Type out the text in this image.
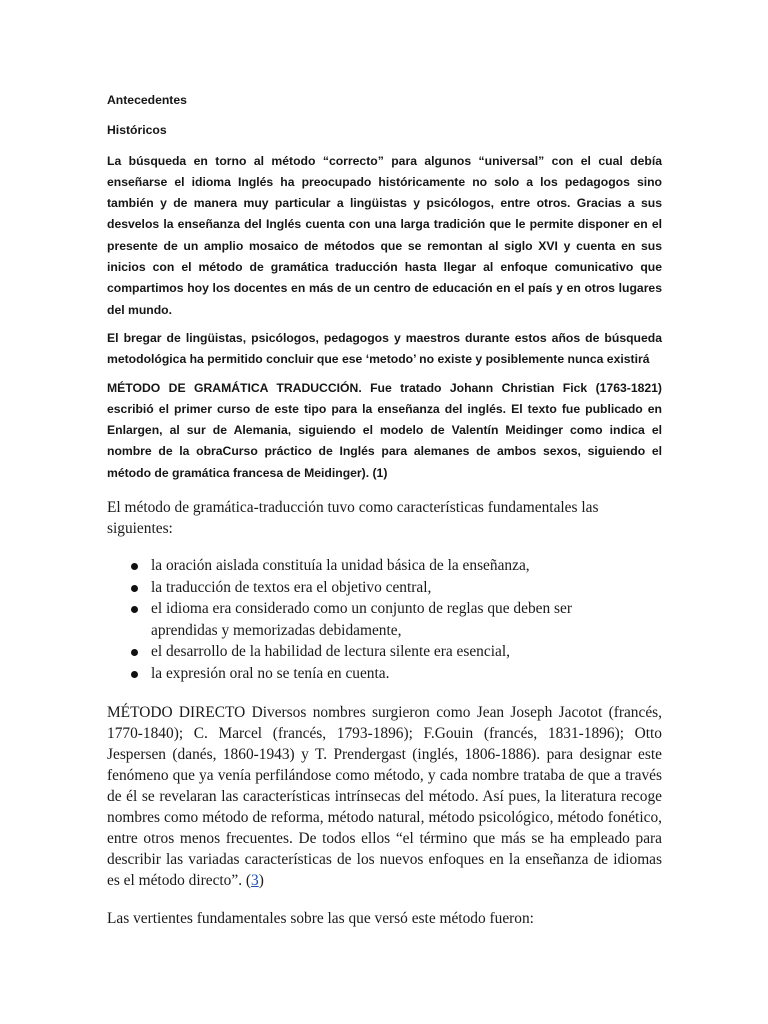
Antecedentes
Históricos

La búsqueda en torno al método “correcto” para algunos “universal” con el cual debía enseñarse el idioma Inglés ha preocupado históricamente no solo a los pedagogos sino también y de manera muy particular a lingüistas y psicólogos, entre otros. Gracias a sus desvelos la enseñanza del Inglés cuenta con una larga tradición que le permite disponer en el presente de un amplio mosaico de métodos que se remontan al siglo XVI y cuenta en sus inicios con el método de gramática traducción hasta llegar al enfoque comunicativo que compartimos hoy los docentes en más de un centro de educación en el país y en otros lugares del mundo.

El bregar de lingüistas, psicólogos, pedagogos y maestros durante estos años de búsqueda metodológica ha permitido concluir que ese ‘metodo’ no existe y posiblemente nunca existirá

MÉTODO DE GRAMÁTICA TRADUCCIÓN. Fue tratado Johann Christian Fick (1763-1821) escribió el primer curso de este tipo para la enseñanza del inglés. El texto fue publicado en Enlargen, al sur de Alemania, siguiendo el modelo de Valentín Meidinger como indica el nombre de la obraCurso práctico de Inglés para alemanes de ambos sexos, siguiendo el método de gramática francesa de Meidinger). (1)

El método de gramática-traducción tuvo como características fundamentales las siguientes:

la oración aislada constituía la unidad básica de la enseñanza,
la traducción de textos era el objetivo central,
el idioma era considerado como un conjunto de reglas que deben ser aprendidas y memorizadas debidamente,
el desarrollo de la habilidad de lectura silente era esencial,
la expresión oral no se tenía en cuenta.

MÉTODO DIRECTO Diversos nombres surgieron como Jean Joseph Jacotot (francés, 1770-1840); C. Marcel (francés, 1793-1896); F.Gouin (francés, 1831-1896); Otto Jespersen (danés, 1860-1943) y T. Prendergast (inglés, 1806-1886). para designar este fenómeno que ya venía perfilándose como método, y cada nombre trataba de que a través de él se revelaran las características intrínsecas del método. Así pues, la literatura recoge nombres como método de reforma, método natural, método psicológico, método fonético, entre otros menos frecuentes. De todos ellos “el término que más se ha empleado para describir las variadas características de los nuevos enfoques en la enseñanza de idiomas es el método directo”. (3)

Las vertientes fundamentales sobre las que versó este método fueron:
